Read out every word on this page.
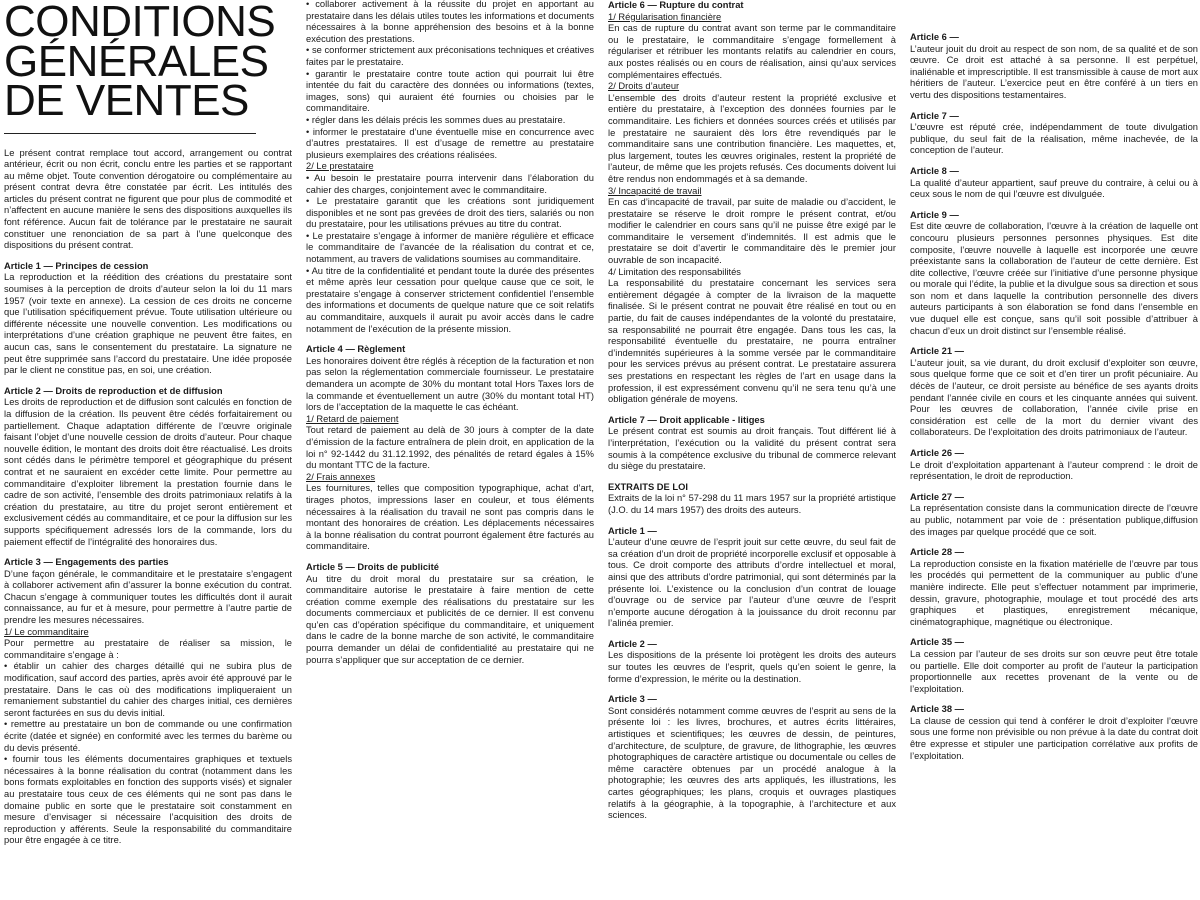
CONDITIONS
GÉNÉRALES
DE VENTES

Le présent contrat remplace tout accord, arrangement ou contrat antérieur, écrit ou non écrit, conclu entre les parties et se rapportant au même objet. Toute convention dérogatoire ou complémentaire au présent contrat devra être constatée par écrit. Les intitulés des articles du présent contrat ne figurent que pour plus de commodité et n’affectent en aucune manière le sens des dispositions auxquelles ils font référence. Aucun fait de tolérance par le prestataire ne saurait constituer une renonciation de sa part à l’une quelconque des dispositions du présent contrat.

Article 1 — Principes de cession

La reproduction et la réédition des créations du prestataire sont soumises à la perception de droits d’auteur selon la loi du 11 mars 1957 (voir texte en annexe). La cession de ces droits ne concerne que l’utilisation spécifiquement prévue. Toute utilisation ultérieure ou différente nécessite une nouvelle convention. Les modifications ou interprétations d’une création graphique ne peuvent être faites, en aucun cas, sans le consentement du prestataire. La signature ne peut être supprimée sans l’accord du prestataire. Une idée proposée par le client ne constitue pas, en soi, une création.

Article 2 — Droits de reproduction et de diffusion

Les droits de reproduction et de diffusion sont calculés en fonction de la diffusion de la création. Ils peuvent être cédés forfaitairement ou partiellement. Chaque adaptation différente de l’œuvre originale faisant l’objet d’une nouvelle cession de droits d’auteur. Pour chaque nouvelle édition, le montant des droits doit être réactualisé. Les droits sont cédés dans le périmètre temporel et géographique du présent contrat et ne sauraient en excéder cette limite. Pour permettre au commanditaire d’exploiter librement la prestation fournie dans le cadre de son activité, l’ensemble des droits patrimoniaux relatifs à la création du prestataire, au titre du projet seront entièrement et exclusivement cédés au commanditaire, et ce pour la diffusion sur les supports spécifiquement adressés lors de la commande, lors du paiement effectif de l’intégralité des honoraires dus.

Article 3 — Engagements des parties

D’une façon générale, le commanditaire et le prestataire s’engagent à collaborer activement afin d’assurer la bonne exécution du contrat. Chacun s’engage à communiquer toutes les difficultés dont il aurait connaissance, au fur et à mesure, pour permettre à l’autre partie de prendre les mesures nécessaires.

1/ Le commanditaire

Pour permettre au prestataire de réaliser sa mission, le commanditaire s’engage à :

• établir un cahier des charges détaillé qui ne subira plus de modification, sauf accord des parties, après avoir été approuvé par le prestataire. Dans le cas où des modifications impliqueraient un remaniement substantiel du cahier des charges initial, ces dernières seront facturées en sus du devis initial.

• remettre au prestataire un bon de commande ou une confirmation écrite (datée et signée) en conformité avec les termes du barème ou du devis présenté.

• fournir tous les éléments documentaires graphiques et textuels nécessaires à la bonne réalisation du contrat (notamment dans les bons formats exploitables en fonction des supports visés) et signaler au prestataire tous ceux de ces éléments qui ne sont pas dans le domaine public en sorte que le prestataire soit constamment en mesure d’envisager si nécessaire l’acquisition des droits de reproduction y afférents. Seule la responsabilité du commanditaire pour être engagée à ce titre.

• collaborer activement à la réussite du projet en apportant au prestataire dans les délais utiles toutes les informations et documents nécessaires à la bonne appréhension des besoins et à la bonne exécution des prestations.

• se conformer strictement aux préconisations techniques et créatives faites par le prestataire.

• garantir le prestataire contre toute action qui pourrait lui être intentée du fait du caractère des données ou informations (textes, images, sons) qui auraient été fournies ou choisies par le commanditaire.

• régler dans les délais précis les sommes dues au prestataire.

• informer le prestataire d’une éventuelle mise en concurrence avec d’autres prestataires. Il est d’usage de remettre au prestataire plusieurs exemplaires des créations réalisées.

2/ Le prestataire

• Au besoin le prestataire pourra intervenir dans l’élaboration du cahier des charges, conjointement avec le commanditaire.

• Le prestataire garantit que les créations sont juridiquement disponibles et ne sont pas grevées de droit des tiers, salariés ou non du prestataire, pour les utilisations prévues au titre du contrat.

• Le prestataire s’engage à informer de manière régulière et efficace le commanditaire de l’avancée de la réalisation du contrat et ce, notamment, au travers de validations soumises au commanditaire.

• Au titre de la confidentialité et pendant toute la durée des présentes et même après leur cessation pour quelque cause que ce soit, le prestataire s’engage à conserver strictement confidentiel l’ensemble des informations et documents de quelque nature que ce soit relatifs au commanditaire, auxquels il aurait pu avoir accès dans le cadre notamment de l’exécution de la présente mission.

Article 4 — Règlement

Les honoraires doivent être réglés à réception de la facturation et non pas selon la réglementation commerciale fournisseur. Le prestataire demandera un acompte de 30% du montant total Hors Taxes lors de la commande et éventuellement un autre (30% du montant total HT) lors de l’acceptation de la maquette le cas échéant.

1/ Retard de paiement

Tout retard de paiement au delà de 30 jours à compter de la date d’émission de la facture entraînera de plein droit, en application de la loi n° 92-1442 du 31.12.1992, des pénalités de retard égales à 15% du montant TTC de la facture.

2/ Frais annexes

Les fournitures, telles que composition typographique, achat d’art, tirages photos, impressions laser en couleur, et tous éléments nécessaires à la réalisation du travail ne sont pas compris dans le montant des honoraires de création. Les déplacements nécessaires à la bonne réalisation du contrat pourront également être facturés au commanditaire.

Article 5 — Droits de publicité

Au titre du droit moral du prestataire sur sa création, le commanditaire autorise le prestataire à faire mention de cette création comme exemple des réalisations du prestataire sur les documents commerciaux et publicités de ce dernier. Il est convenu qu’en cas d’opération spécifique du commanditaire, et uniquement dans le cadre de la bonne marche de son activité, le commanditaire pourra demander un délai de confidentialité au prestataire qui ne pourra s’appliquer que sur acceptation de ce dernier.

Article 6 — Rupture du contrat

1/ Régularisation financière

En cas de rupture du contrat avant son terme par le commanditaire ou le prestataire, le commanditaire s’engage formellement à régulariser et rétribuer les montants relatifs au calendrier en cours, aux postes réalisés ou en cours de réalisation, ainsi qu’aux services complémentaires effectués.

2/ Droits d’auteur

L’ensemble des droits d’auteur restent la propriété exclusive et entière du prestataire, à l’exception des données fournies par le commanditaire. Les fichiers et données sources créés et utilisés par le prestataire ne sauraient dès lors être revendiqués par le commanditaire sans une contribution financière. Les maquettes, et, plus largement, toutes les œuvres originales, restent la propriété de l’auteur, de même que les projets refusés. Ces documents doivent lui être rendus non endommagés et à sa demande.

3/ Incapacité de travail

En cas d’incapacité de travail, par suite de maladie ou d’accident, le prestataire se réserve le droit rompre le présent contrat, et/ou modifier le calendrier en cours sans qu’il ne puisse être exigé par le commanditaire le versement d’indemnités. Il est admis que le prestataire se doit d’avertir le commanditaire dès le premier jour ouvrable de son incapacité.

4/ Limitation des responsabilités

La responsabilité du prestataire concernant les services sera entièrement dégagée à compter de la livraison de la maquette finalisée. Si le présent contrat ne pouvait être réalisé en tout ou en partie, du fait de causes indépendantes de la volonté du prestataire, sa responsabilité ne pourrait être engagée. Dans tous les cas, la responsabilité éventuelle du prestataire, ne pourra entraîner d’indemnités supérieures à la somme versée par le commanditaire pour les services prévus au présent contrat. Le prestataire assurera ses prestations en respectant les règles de l’art en usage dans la profession, il est expressément convenu qu’il ne sera tenu qu’à une obligation générale de moyens.

Article 7 — Droit applicable - litiges

Le présent contrat est soumis au droit français. Tout différent lié à l’interprétation, l’exécution ou la validité du présent contrat sera soumis à la compétence exclusive du tribunal de commerce relevant du siège du prestataire.

EXTRAITS DE LOI

Extraits de la loi n° 57-298 du 11 mars 1957 sur la propriété artistique (J.O. du 14 mars 1957) des droits des auteurs.

Article 1 —

L’auteur d’une œuvre de l’esprit jouit sur cette œuvre, du seul fait de sa création d’un droit de propriété incorporelle exclusif et opposable à tous. Ce droit comporte des attributs d’ordre intellectuel et moral, ainsi que des attributs d’ordre patrimonial, qui sont déterminés par la présente loi. L’existence ou la conclusion d’un contrat de louage d’ouvrage ou de service par l’auteur d’une œuvre de l’esprit n’emporte aucune dérogation à la jouissance du droit reconnu par l’alinéa premier.

Article 2 —

Les dispositions de la présente loi protègent les droits des auteurs sur toutes les œuvres de l’esprit, quels qu’en soient le genre, la forme d’expression, le mérite ou la destination.

Article 3 —

Sont considérés notamment comme œuvres de l’esprit au sens de la présente loi : les livres, brochures, et autres écrits littéraires, artistiques et scientifiques; les œuvres de dessin, de peintures, d’architecture, de sculpture, de gravure, de lithographie, les œuvres photographiques de caractère artistique ou documentale ou celles de même caractère obtenues par un procédé analogue à la photographie; les œuvres des arts appliqués, les illustrations, les cartes géographiques; les plans, croquis et ouvrages plastiques relatifs à la géographie, à la topographie, à l’architecture et aux sciences.

Article 6 —

L’auteur jouit du droit au respect de son nom, de sa qualité et de son œuvre. Ce droit est attaché à sa personne. Il est perpétuel, inaliénable et imprescriptible. Il est transmissible à cause de mort aux héritiers de l’auteur. L’exercice peut en être conféré à un tiers en vertu des dispositions testamentaires.

Article 7 —

L’œuvre est réputé crée, indépendamment de toute divulgation publique, du seul fait de la réalisation, même inachevée, de la conception de l’auteur.

Article 8 —

La qualité d’auteur appartient, sauf preuve du contraire, à celui ou à ceux sous le nom de qui l’œuvre est divulguée.

Article 9 —

Est dite œuvre de collaboration, l’œuvre à la création de laquelle ont concouru plusieurs personnes personnes physiques. Est dite composite, l’œuvre nouvelle à laquelle est incorporée une œuvre préexistante sans la collaboration de l’auteur de cette dernière. Est dite collective, l’œuvre créée sur l’initiative d’une personne physique ou morale qui l’édite, la publie et la divulgue sous sa direction et sous son nom et dans laquelle la contribution personnelle des divers auteurs participants à son élaboration se fond dans l’ensemble en vue duquel elle est conçue, sans qu’il soit possible d’attribuer à chacun d’eux un droit distinct sur l’ensemble réalisé.

Article 21 —

L’auteur jouit, sa vie durant, du droit exclusif d’exploiter son œuvre, sous quelque forme que ce soit et d’en tirer un profit pécuniaire. Au décès de l’auteur, ce droit persiste au bénéfice de ses ayants droits pendant l’année civile en cours et les cinquante années qui suivent. Pour les œuvres de collaboration, l’année civile prise en considération est celle de la mort du dernier vivant des collaborateurs. De l’exploitation des droits patrimoniaux de l’auteur.

Article 26 —

Le droit d’exploitation appartenant à l’auteur comprend : le droit de représentation, le droit de reproduction.

Article 27 —

La représentation consiste dans la communication directe de l’œuvre au public, notamment par voie de : présentation publique,diffusion des images par quelque procédé que ce soit.

Article 28 —

La reproduction consiste en la fixation matérielle de l’œuvre par tous les procédés qui permettent de la communiquer au public d’une manière indirecte. Elle peut s’effectuer notamment par imprimerie, dessin, gravure, photographie, moulage et tout procédé des arts graphiques et plastiques, enregistrement mécanique, cinématographique, magnétique ou électronique.

Article 35 —

La cession par l’auteur de ses droits sur son œuvre peut être totale ou partielle. Elle doit comporter au profit de l’auteur la participation proportionnelle aux recettes provenant de la vente ou de l’exploitation.

Article 38 —

La clause de cession qui tend à conférer le droit d’exploiter l’œuvre sous une forme non prévisible ou non prévue à la date du contrat doit être expresse et stipuler une participation corrélative aux profits de l’exploitation.
